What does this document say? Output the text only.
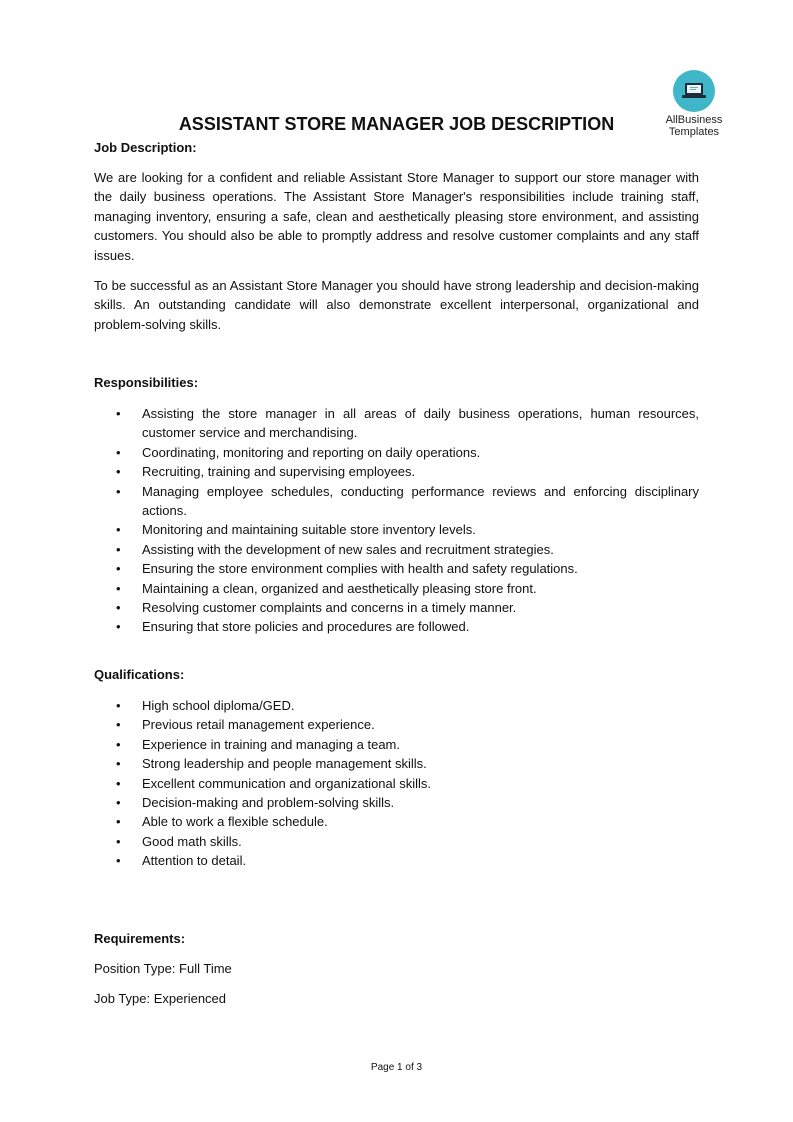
AllBusiness
Templates
ASSISTANT STORE MANAGER JOB DESCRIPTION
Job Description:
We are looking for a confident and reliable Assistant Store Manager to support our store manager with the daily business operations. The Assistant Store Manager's responsibilities include training staff, managing inventory, ensuring a safe, clean and aesthetically pleasing store environment, and assisting customers. You should also be able to promptly address and resolve customer complaints and any staff issues.
To be successful as an Assistant Store Manager you should have strong leadership and decision-making skills. An outstanding candidate will also demonstrate excellent interpersonal, organizational and problem-solving skills.
Responsibilities:
• Assisting the store manager in all areas of daily business operations, human resources, customer service and merchandising.
• Coordinating, monitoring and reporting on daily operations.
• Recruiting, training and supervising employees.
• Managing employee schedules, conducting performance reviews and enforcing disciplinary actions.
• Monitoring and maintaining suitable store inventory levels.
• Assisting with the development of new sales and recruitment strategies.
• Ensuring the store environment complies with health and safety regulations.
• Maintaining a clean, organized and aesthetically pleasing store front.
• Resolving customer complaints and concerns in a timely manner.
• Ensuring that store policies and procedures are followed.
Qualifications:
• High school diploma/GED.
• Previous retail management experience.
• Experience in training and managing a team.
• Strong leadership and people management skills.
• Excellent communication and organizational skills.
• Decision-making and problem-solving skills.
• Able to work a flexible schedule.
• Good math skills.
• Attention to detail.
Requirements:
Position Type: Full Time
Job Type: Experienced
Page 1 of 3
